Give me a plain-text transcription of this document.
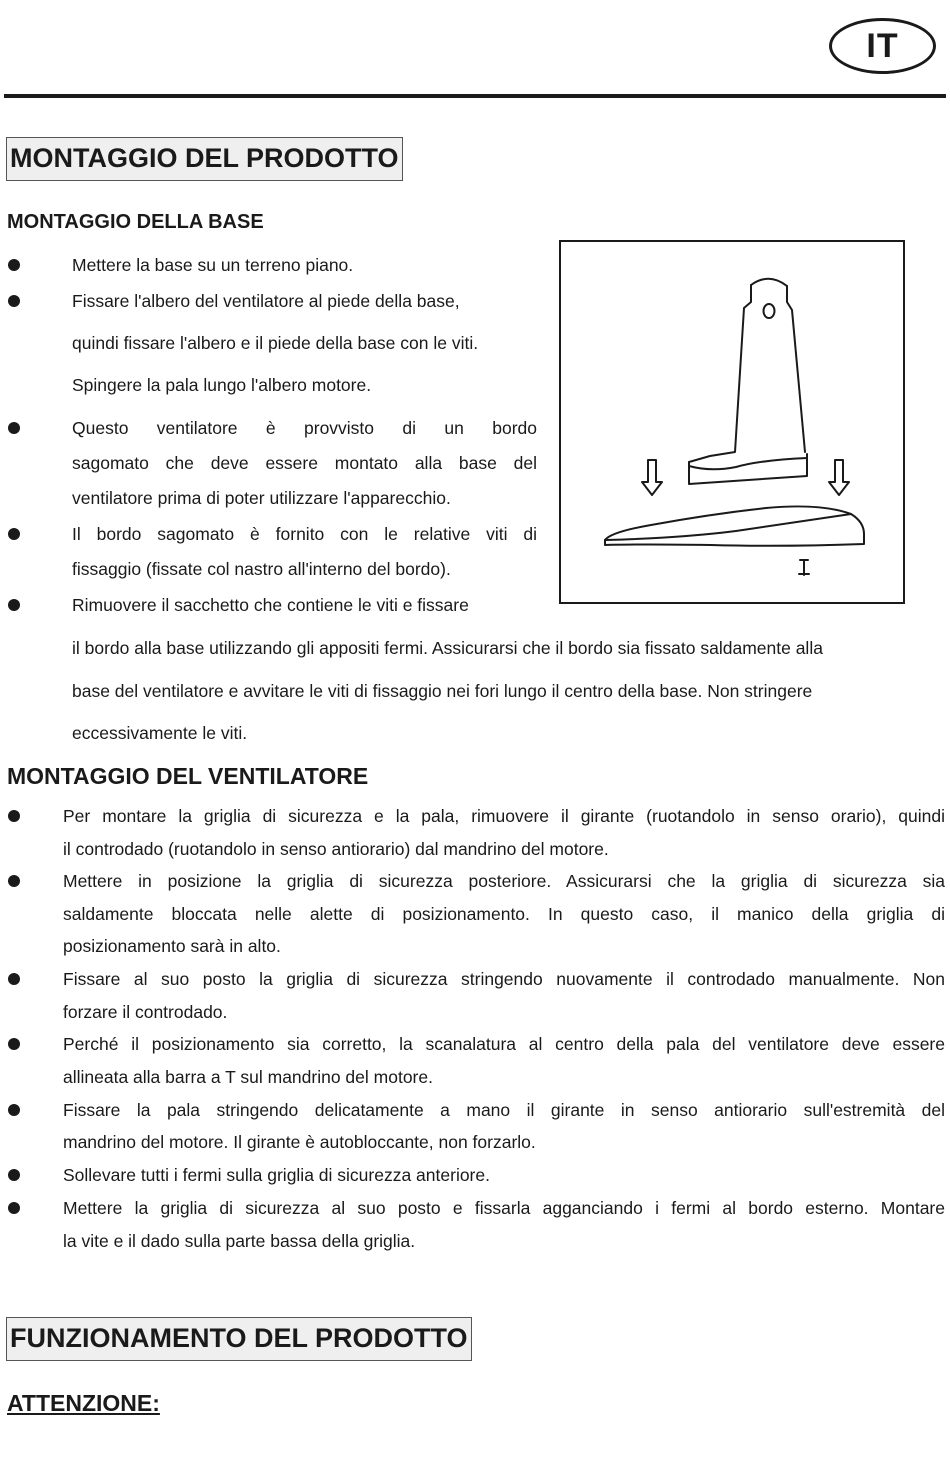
IT
MONTAGGIO DEL PRODOTTO
MONTAGGIO DELLA BASE
Mettere la base su un terreno piano.
Fissare l'albero del ventilatore al piede della base,
quindi fissare l'albero e il piede della base con le viti.
Spingere la pala lungo l'albero motore.
Questo ventilatore è provvisto di un bordo
sagomato che deve essere montato alla base del
ventilatore prima di poter utilizzare l'apparecchio.
Il bordo sagomato è fornito con le relative viti di
fissaggio (fissate col nastro all'interno del bordo).
Rimuovere il sacchetto che contiene le viti e fissare
il bordo alla base utilizzando gli appositi fermi. Assicurarsi che il bordo sia fissato saldamente alla
base del ventilatore e avvitare le viti di fissaggio nei fori lungo il centro della base. Non stringere
eccessivamente le viti.
MONTAGGIO DEL VENTILATORE
Per montare la griglia di sicurezza e la pala, rimuovere il girante (ruotandolo in senso orario), quindi
il controdado (ruotandolo in senso antiorario) dal mandrino del motore.
Mettere in posizione la griglia di sicurezza posteriore. Assicurarsi che la griglia di sicurezza sia
saldamente bloccata nelle alette di posizionamento. In questo caso, il manico della griglia di
posizionamento sarà in alto.
Fissare al suo posto la griglia di sicurezza stringendo nuovamente il controdado manualmente. Non
forzare il controdado.
Perché il posizionamento sia corretto, la scanalatura al centro della pala del ventilatore deve essere
allineata alla barra a T sul mandrino del motore.
Fissare la pala stringendo delicatamente a mano il girante in senso antiorario sull'estremità del
mandrino del motore. Il girante è autobloccante, non forzarlo.
Sollevare tutti i fermi sulla griglia di sicurezza anteriore.
Mettere la griglia di sicurezza al suo posto e fissarla agganciando i fermi al bordo esterno. Montare
la vite e il dado sulla parte bassa della griglia.
FUNZIONAMENTO DEL PRODOTTO
ATTENZIONE:
